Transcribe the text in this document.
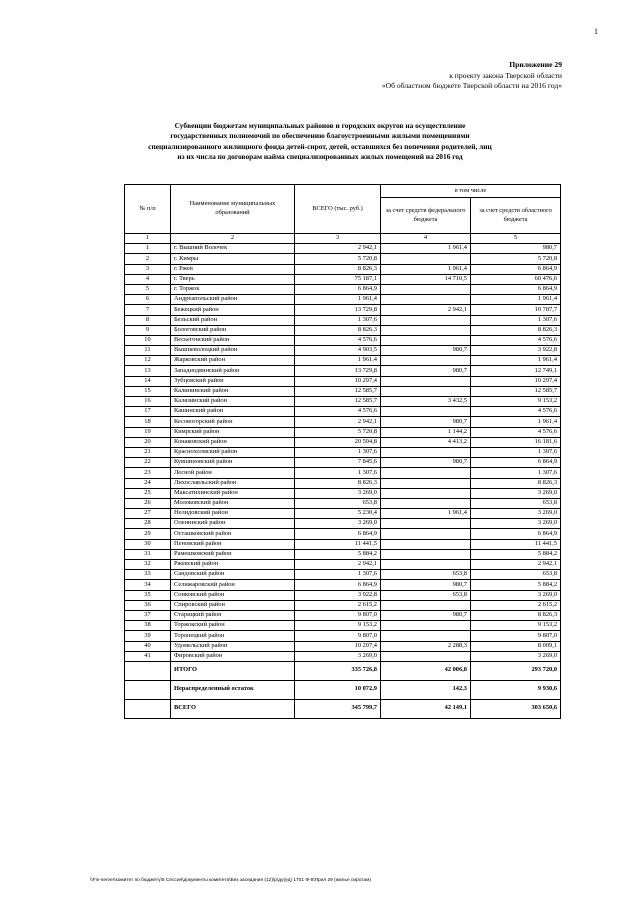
1
Приложение 29
к проекту закона Тверской области
«Об областном бюджете Тверской области на 2016 год»
Субвенции бюджетам муниципальных районов и городских округов на осуществление
государственных полномочий по обеспечению благоустроенными жилыми помещениями
специализированного жилищного фонда детей-сирот, детей, оставшихся без попечения родителей, лиц
из их числа по договорам найма специализированных жилых помещений на 2016 год
№ п/п	Наименование муниципальных образований	ВСЕГО (тыс. руб.)	в том числе	
			за счет средств федерального бюджета	за счет средств областного бюджета
1	2	3	4	5
1	г. Вышний Волочек	2 942,1	1 961,4	980,7
2	г. Кимры	5 720,8		5 720,8
3	г. Ржев	8 826,3	1 961,4	6 864,9
4	г. Тверь	75 187,1	14 710,5	60 476,6
5	г. Торжок	6 864,9		6 864,9
6	Андреапольский район	1 961,4		1 961,4
7	Бежецкий район	13 729,8	2 942,1	10 787,7
8	Бельский район	1 307,6		1 307,6
9	Бологовский район	8 826,3		8 826,3
10	Весьегонский район	4 576,6		4 576,6
11	Вышневолоцкий район	4 903,5	980,7	3 922,8
12	Жарковский район	1 961,4		1 961,4
13	Западнодвинский район	13 729,8	980,7	12 749,1
14	Зубцовский район	10 297,4		10 297,4
15	Калининский район	12 585,7		12 585,7
16	Калязинский район	12 585,7	3 432,5	9 153,2
17	Кашинский район	4 576,6		4 576,6
18	Кесовогорский район	2 942,1	980,7	1 961,4
19	Кимрский район	5 720,8	1 144,2	4 576,6
20	Конаковский район	20 594,8	4 413,2	16 181,6
21	Краснохолмский район	1 307,6		1 307,6
22	Кувшиновский район	7 845,6	980,7	6 864,9
23	Лесной район	1 307,6		1 307,6
24	Лихославльский район	8 826,3		8 826,3
25	Максатихинский район	3 269,0		3 269,0
26	Молоковский район	653,8		653,8
27	Нелидовский район	5 230,4	1 961,4	3 269,0
28	Оленинский район	3 269,0		3 269,0
29	Осташковский район	6 864,9		6 864,9
30	Пеновский район	11 441,5		11 441,5
31	Рамешковский район	5 884,2		5 884,2
32	Ржевский район	2 942,1		2 942,1
33	Сандовский район	1 307,6	653,8	653,8
34	Селижаровский район	6 864,9	980,7	5 884,2
35	Сонковский район	3 922,8	653,8	3 269,0
36	Спировский район	2 615,2		2 615,2
37	Старицкий район	9 807,0	980,7	8 826,3
38	Торжокский район	9 153,2		9 153,2
39	Торопецкий район	9 807,0		9 807,0
40	Удомельский район	10 297,4	2 288,3	8 009,1
41	Фировский район	3 269,0		3 269,0
	ИТОГО	335 726,8	42 006,8	293 720,0
	Нераспределенный остаток	10 072,9	142,3	9 930,6
	ВСЕГО	345 799,7	42 149,1	303 650,6
\\Fin-server\комитет по бюджету\5 Сессия\документы комитета\Без заседания (12)\р\ду(ед) 1701 Ф-5\Прил 29 (жилье сиротам)
